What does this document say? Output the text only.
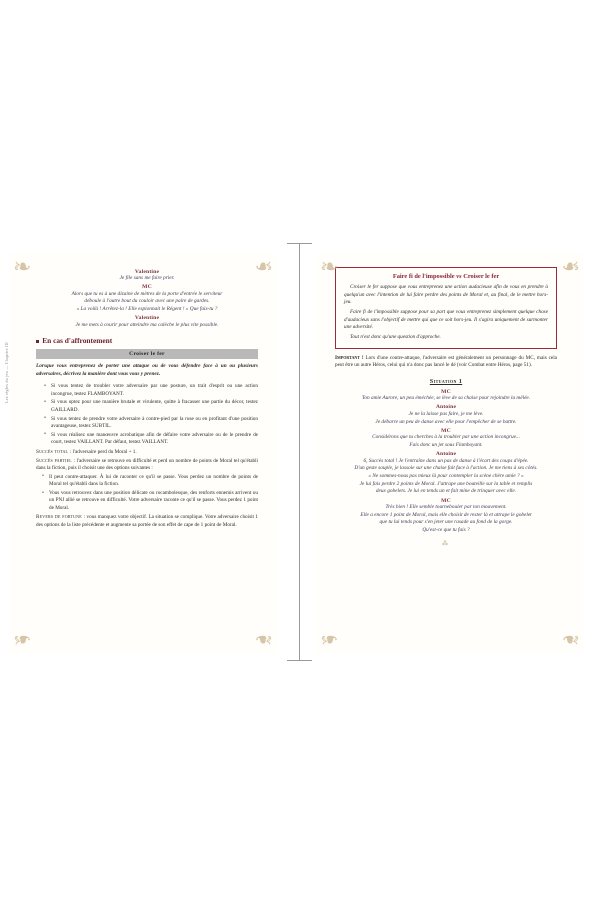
❧	❧
❧	❧
Les règles du jeu — Chapitre III
Valentine

Je file sans me faire prier.

MC

Alors que tu es à une dizaine de mètres de la porte d'entrée le serviteur

déboule à l'autre bout du couloir avec une paire de gardes.

« La voilà ! Arrêtez-la ! Elle espionnait le Régent ! » Que fais-tu ?

Valentine

Je me mets à courir pour atteindre ma calèche le plus vite possible.

En cas d'affrontement
Croiser le fer

Lorsque vous entreprenez de porter une attaque ou de vous défendre face à un ou plusieurs adversaires, décrivez la manière dont vous vous y prenez.

• Si vous tentez de troubler votre adversaire par une posture, un trait d'esprit ou une action incongrue, testez FLAMBOYANT.
• Si vous optez pour une manière brutale et virulente, quitte à fracasser une partie du décor, testez GAILLARD.
• Si vous tentez de prendre votre adversaire à contre-pied par la ruse ou en profitant d'une position avantageuse, testez SUBTIL.
• Si vous réalisez une manœuvre acrobatique afin de défaire votre adversaire ou de le prendre de court, testez VAILLANT. Par défaut, testez VAILLANT.

Succès total : l'adversaire perd du Moral + 1.

Succès partiel : l'adversaire se retrouve en difficulté et perd un nombre de points de Moral tel qu'établi dans la fiction, puis il choisit une des options suivantes :

• Il peut contre-attaquer. À lui de raconter ce qu'il se passe. Vous perdez un nombre de points de Moral tel qu'établi dans la fiction.
• Vous vous retrouvez dans une position délicate ou rocambolesque, des renforts ennemis arrivent ou un PNJ allié se retrouve en difficulté. Votre adversaire raconte ce qu'il se passe. Vous perdez 1 point de Moral.

Revers de fortune : vous manquez votre objectif. La situation se complique. Votre adversaire choisit 1 des options de la liste précédente et augmente sa portée de son effet de cape de 1 point de Moral.

❧	❧
❧	❧
Faire fi de l'impossible vs Croiser le fer

Croiser le fer suppose que vous entreprenez une action audacieuse afin de vous en prendre à quelqu'un avec l'intention de lui faire perdre des points de Moral et, au final, de le mettre hors-jeu.

Faire fi de l'impossible suppose pour sa part que vous entreprenez simplement quelque chose d'audacieux sans l'objectif de mettre qui que ce soit hors-jeu. Il s'agira uniquement de surmonter une adversité.

Tout n'est donc qu'une question d'approche.

Important ! Lors d'une contre-attaque, l'adversaire est généralement un personnage du MC, mais cela peut être un autre Héros, celui qui n'a donc pas lancé le dé (voir Combat entre Héros, page 51).

Situation 1
MC

Ton amie Aurore, un peu éméchée, se lève de sa chaise pour rejoindre la mêlée.

Antoine

Je ne la laisse pas faire, je me lève.

Je débarre un peu de danse avec elle pour l'empêcher de se battre.

MC

Considérons que tu cherches à la troubler par une action incongrue...

Fais donc un jet sous Flamboyant.

Antoine

6, Succès total ! Je l'entraîne dans un pas de danse à l'écart des coups d'épée.

D'un geste souple, je lassoie sur une chaise fait face à l'action. Je me tiens à ses côtés.

« Ne sommes-nous pas mieux là pour contempler la scène chère amie ? »

Je lui fais perdre 2 points de Moral. J'attrape une bouteille sur la table et remplis

deux gobelets. Je lui en tends un et fait mine de trinquer avec elle.

MC

Très bien ! Elle semble tournebouler par ton mouvement.

Elle a encore 1 point de Moral, mais elle choisit de rester là et attrape le gobelet

que tu lui tends pour s'en jeter une rasade au fond de la gorge.

Qu'est-ce que tu fais ?

⁂
